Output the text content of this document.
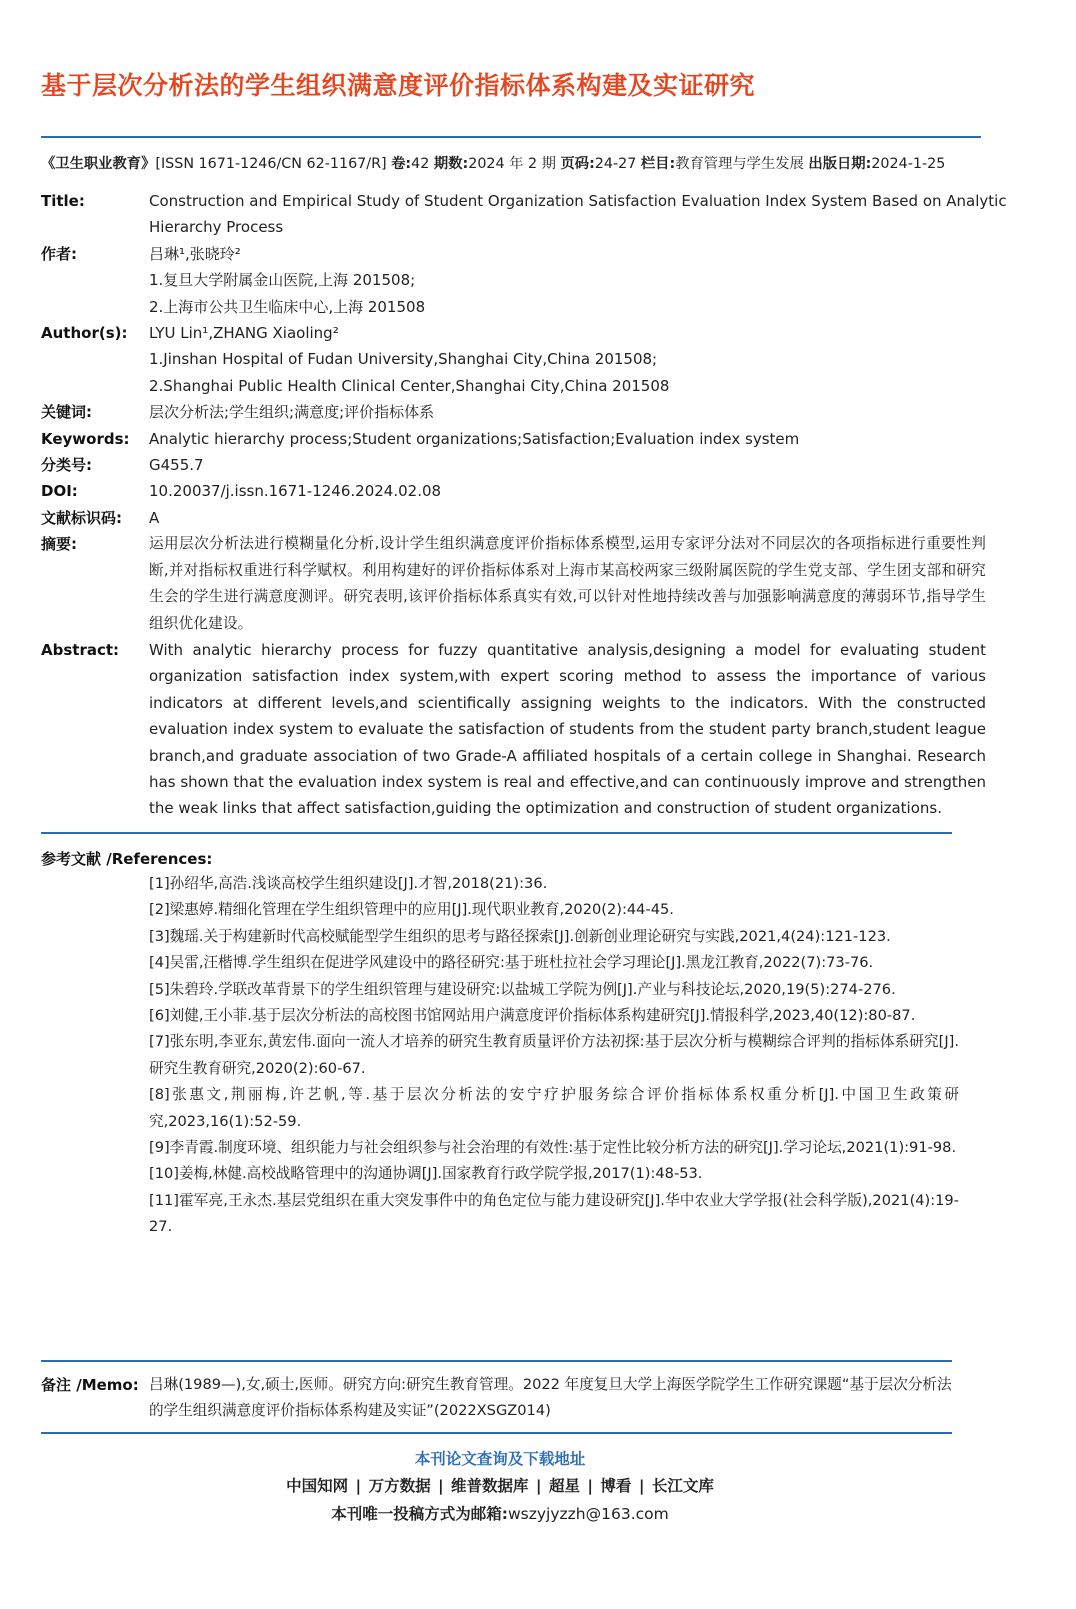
基于层次分析法的学生组织满意度评价指标体系构建及实证研究
《卫生职业教育》[ISSN 1671-1246/CN 62-1167/R] 卷:42 期数:2024 年 2 期 页码:24-27 栏目:教育管理与学生发展 出版日期:2024-1-25
Title:	Construction and Empirical Study of Student Organization Satisfaction Evaluation Index System Based on Analytic
Hierarchy Process
作者:	吕琳¹,张晓玲²
1.复旦大学附属金山医院,上海 201508;
2.上海市公共卫生临床中心,上海 201508
Author(s):	LYU Lin¹,ZHANG Xiaoling²
1.Jinshan Hospital of Fudan University,Shanghai City,China 201508;
2.Shanghai Public Health Clinical Center,Shanghai City,China 201508
关键词:	层次分析法;学生组织;满意度;评价指标体系
Keywords:	Analytic hierarchy process;Student organizations;Satisfaction;Evaluation index system
分类号:	G455.7
DOI:	10.20037/j.issn.1671-1246.2024.02.08
文献标识码:	A
摘要:	运用层次分析法进行模糊量化分析,设计学生组织满意度评价指标体系模型,运用专家评分法对不同层次的各项指标进行重要性判断,并对指标权重进行科学赋权。利用构建好的评价指标体系对上海市某高校两家三级附属医院的学生党支部、学生团支部和研究生会的学生进行满意度测评。研究表明,该评价指标体系真实有效,可以针对性地持续改善与加强影响满意度的薄弱环节,指导学生组织优化建设。
Abstract:	With analytic hierarchy process for fuzzy quantitative analysis,designing a model for evaluating student organization satisfaction index system,with expert scoring method to assess the importance of various indicators at different levels,and scientifically assigning weights to the indicators. With the constructed evaluation index system to evaluate the satisfaction of students from the student party branch,student league branch,and graduate association of two Grade-A affiliated hospitals of a certain college in Shanghai. Research has shown that the evaluation index system is real and effective,and can continuously improve and strengthen the weak links that affect satisfaction,guiding the optimization and construction of student organizations.
参考文献 /References:
[1]孙绍华,高浩.浅谈高校学生组织建设[J].才智,2018(21):36.
[2]梁惠婷.精细化管理在学生组织管理中的应用[J].现代职业教育,2020(2):44-45.
[3]魏瑶.关于构建新时代高校赋能型学生组织的思考与路径探索[J].创新创业理论研究与实践,2021,4(24):121-123.
[4]吴雷,汪楷博.学生组织在促进学风建设中的路径研究:基于班杜拉社会学习理论[J].黑龙江教育,2022(7):73-76.
[5]朱碧玲.学联改革背景下的学生组织管理与建设研究:以盐城工学院为例[J].产业与科技论坛,2020,19(5):274-276.
[6]刘健,王小菲.基于层次分析法的高校图书馆网站用户满意度评价指标体系构建研究[J].情报科学,2023,40(12):80-87.
[7]张东明,李亚东,黄宏伟.面向一流人才培养的研究生教育质量评价方法初探:基于层次分析与模糊综合评判的指标体系研究[J].研究生教育研究,2020(2):60-67.
[8]张惠文,荆丽梅,许艺帆,等.基于层次分析法的安宁疗护服务综合评价指标体系权重分析[J].中国卫生政策研究,2023,16(1):52-59.
[9]李青霞.制度环境、组织能力与社会组织参与社会治理的有效性:基于定性比较分析方法的研究[J].学习论坛,2021(1):91-98.
[10]姜梅,林健.高校战略管理中的沟通协调[J].国家教育行政学院学报,2017(1):48-53.
[11]霍军亮,王永杰.基层党组织在重大突发事件中的角色定位与能力建设研究[J].华中农业大学学报(社会科学版),2021(4):19-27.
备注 /Memo: 吕琳(1989—),女,硕士,医师。研究方向:研究生教育管理。2022 年度复旦大学上海医学院学生工作研究课题“基于层次分析法的学生组织满意度评价指标体系构建及实证”(2022XSGZ014)
本刊论文查询及下载地址
中国知网 | 万方数据 | 维普数据库 | 超星 | 博看 | 长江文库
本刊唯一投稿方式为邮箱:wszyjyzzh@163.com
